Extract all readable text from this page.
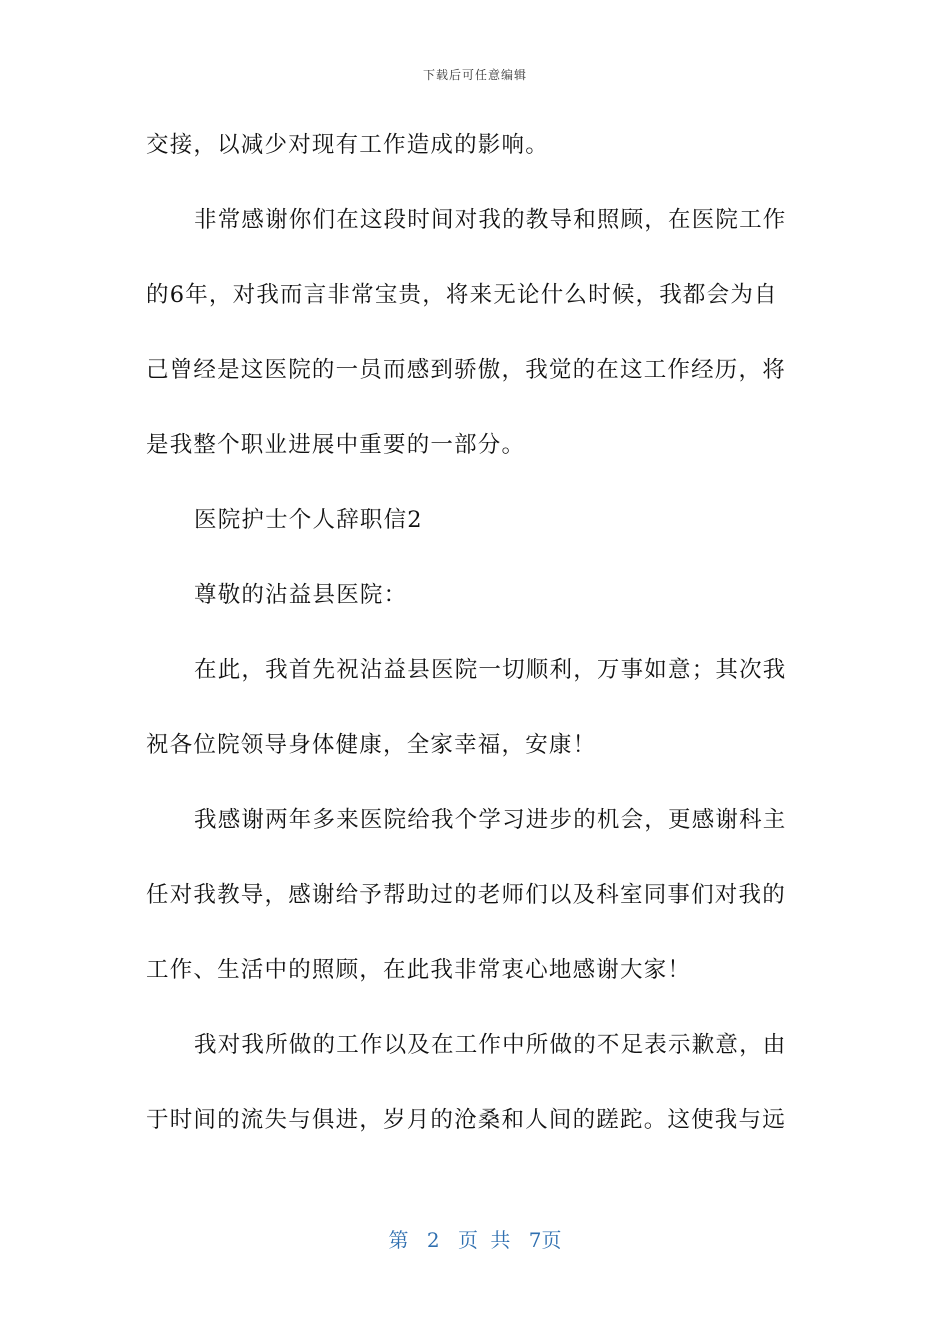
下载后可任意编辑
交接，以减少对现有工作造成的影响。
非常感谢你们在这段时间对我的教导和照顾，在医院工作
的6年，对我而言非常宝贵，将来无论什么时候，我都会为自
己曾经是这医院的一员而感到骄傲，我觉的在这工作经历，将
是我整个职业进展中重要的一部分。
医院护士个人辞职信2
尊敬的沾益县医院：
在此，我首先祝沾益县医院一切顺利，万事如意；其次我
祝各位院领导身体健康，全家幸福，安康！
我感谢两年多来医院给我个学习进步的机会，更感谢科主
任对我教导，感谢给予帮助过的老师们以及科室同事们对我的
工作、生活中的照顾，在此我非常衷心地感谢大家！
我对我所做的工作以及在工作中所做的不足表示歉意，由
于时间的流失与俱进，岁月的沧桑和人间的蹉跎。这使我与远
第 2 页 共 7页
